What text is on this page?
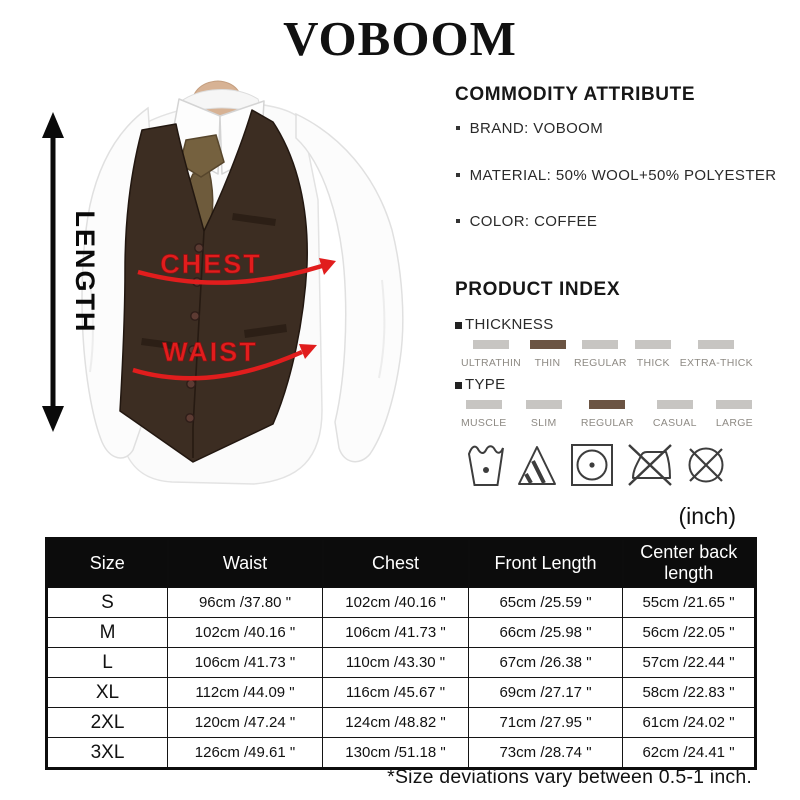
VOBOOM
LENGTH CHEST
WAIST
COMMODITY ATTRIBUTE
BRAND: VOBOOM
MATERIAL: 50% WOOL+50% POLYESTER
COLOR: COFFEE
PRODUCT INDEX
THICKNESS
ULTRATHIN THIN REGULAR THICK EXTRA-THICK
TYPE
MUSCLE SLIM REGULAR CASUAL LARGE
(inch)
Size	Waist	Chest	Front Length	Center back length
S	96cm /37.80 "	102cm /40.16 "	65cm /25.59 "	55cm /21.65 "
M	102cm /40.16 "	106cm /41.73 "	66cm /25.98 "	56cm /22.05 "
L	106cm /41.73 "	110cm /43.30 "	67cm /26.38 "	57cm /22.44 "
XL	112cm /44.09 "	116cm /45.67 "	69cm /27.17 "	58cm /22.83 "
2XL	120cm /47.24 "	124cm /48.82 "	71cm /27.95 "	61cm /24.02 "
3XL	126cm /49.61 "	130cm /51.18 "	73cm /28.74 "	62cm /24.41 "
*Size deviations vary between 0.5-1 inch.
